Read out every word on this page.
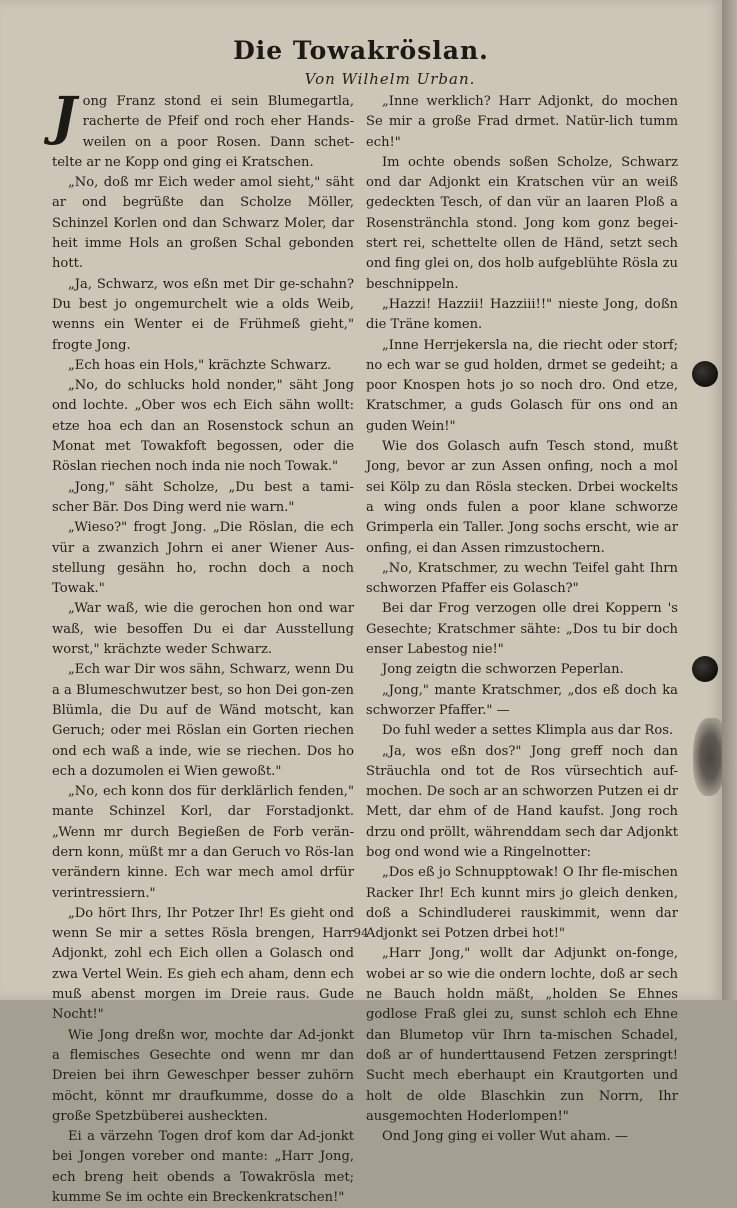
Die Towakröslan.
Von Wilhelm Urban.

Jong Franz stond ei sein Blumegartla, racherte de Pfeif ond roch eher Hands-weilen on a poor Rosen. Dann schet-telte ar ne Kopp ond ging ei Kratschen.

„No, doß mr Eich weder amol sieht," säht ar ond begrüßte dan Scholze Möller, Schinzel Korlen ond dan Schwarz Moler, dar heit imme Hols an großen Schal gebonden hott.

„Ja, Schwarz, wos eßn met Dir ge-schahn? Du best jo ongemurchelt wie a olds Weib, wenns ein Wenter ei de Frühmeß gieht," frogte Jong.

„Ech hoas ein Hols," krächzte Schwarz.

„No, do schlucks hold nonder," säht Jong ond lochte. „Ober wos ech Eich sähn wollt: etze hoa ech dan an Rosenstock schun an Monat met Towakfoft begossen, oder die Röslan riechen noch inda nie noch Towak."

„Jong," säht Scholze, „Du best a tami-scher Bär. Dos Ding werd nie warn."

„Wieso?" frogt Jong. „Die Röslan, die ech vür a zwanzich Johrn ei aner Wiener Aus-stellung gesähn ho, rochn doch a noch Towak."

„War waß, wie die gerochen hon ond war waß, wie besoffen Du ei dar Ausstellung worst," krächzte weder Schwarz.

„Ech war Dir wos sähn, Schwarz, wenn Du a a Blumeschwutzer best, so hon Dei gon-zen Blümla, die Du auf de Wänd motscht, kan Geruch; oder mei Röslan ein Gorten riechen ond ech waß a inde, wie se riechen. Dos ho ech a dozumolen ei Wien gewoßt."

„No, ech konn dos für derklärlich fenden," mante Schinzel Korl, dar Forstadjonkt. „Wenn mr durch Begießen de Forb verän-dern konn, müßt mr a dan Geruch vo Rös-lan verändern kinne. Ech war mech amol drfür verintressiern."

„Do hört Ihrs, Ihr Potzer Ihr! Es gieht ond wenn Se mir a settes Rösla brengen, Harr Adjonkt, zohl ech Eich ollen a Golasch ond zwa Vertel Wein. Es gieh ech aham, denn ech muß abenst morgen im Dreie raus. Gude Nocht!"

Wie Jong dreßn wor, mochte dar Ad-jonkt a flemisches Gesechte ond wenn mr dan Dreien bei ihrn Geweschper besser zuhörn möcht, könnt mr draufkumme, dosse do a große Spetzbüberei ausheckten.

Ei a värzehn Togen drof kom dar Ad-jonkt bei Jongen voreber ond mante: „Harr Jong, ech breng heit obends a Towakrösla met; kumme Se im ochte ein Breckenkratschen!"

„Inne werklich? Harr Adjonkt, do mochen Se mir a große Frad drmet. Natür-lich tumm ech!"

Im ochte obends soßen Scholze, Schwarz ond dar Adjonkt ein Kratschen vür an weiß gedeckten Tesch, of dan vür an laaren Ploß a Rosenstränchla stond. Jong kom gonz begei-stert rei, schettelte ollen de Händ, setzt sech ond fing glei on, dos holb aufgeblühte Rösla zu beschnippeln.

„Hazzi! Hazzii! Hazziii!!" nieste Jong, doßn die Träne komen.

„Inne Herrjekersla na, die riecht oder storf; no ech war se gud holden, drmet se gedeiht; a poor Knospen hots jo so noch dro. Ond etze, Kratschmer, a guds Golasch für ons ond an guden Wein!"

Wie dos Golasch aufn Tesch stond, mußt Jong, bevor ar zun Assen onfing, noch a mol sei Kölp zu dan Rösla stecken. Drbei wockelts a wing onds fulen a poor klane schworze Grimperla ein Taller. Jong sochs erscht, wie ar onfing, ei dan Assen rimzustochern.

„No, Kratschmer, zu wechn Teifel gaht Ihrn schworzen Pfaffer eis Golasch?"

Bei dar Frog verzogen olle drei Koppern 's Gesechte; Kratschmer sähte: „Dos tu bir doch enser Labestog nie!"

Jong zeigtn die schworzen Peperlan.

„Jong," mante Kratschmer, „dos eß doch ka schworzer Pfaffer." —

Do fuhl weder a settes Klimpla aus dar Ros.

„Ja, wos eßn dos?" Jong greff noch dan Sträuchla ond tot de Ros vürsechtich auf-mochen. De soch ar an schworzen Putzen ei dr Mett, dar ehm of de Hand kaufst. Jong roch drzu ond pröllt, währenddam sech dar Adjonkt bog ond wond wie a Ringelnotter:

„Dos eß jo Schnupptowak! O Ihr fle-mischen Racker Ihr! Ech kunnt mirs jo gleich denken, doß a Schindluderei rauskimmit, wenn dar Adjonkt sei Potzen drbei hot!"

„Harr Jong," wollt dar Adjunkt on-fonge, wobei ar so wie die ondern lochte, doß ar sech ne Bauch holdn mäßt, „holden Se Ehnes godlose Fraß glei zu, sunst schloh ech Ehne dan Blumetop vür Ihrn ta-mischen Schadel, doß ar of hunderttausend Fetzen zerspringt! Sucht mech eberhaupt ein Krautgorten und holt de olde Blaschkin zun Norrn, Ihr ausgemochten Hoderlompen!"

Ond Jong ging ei voller Wut aham. —

94
